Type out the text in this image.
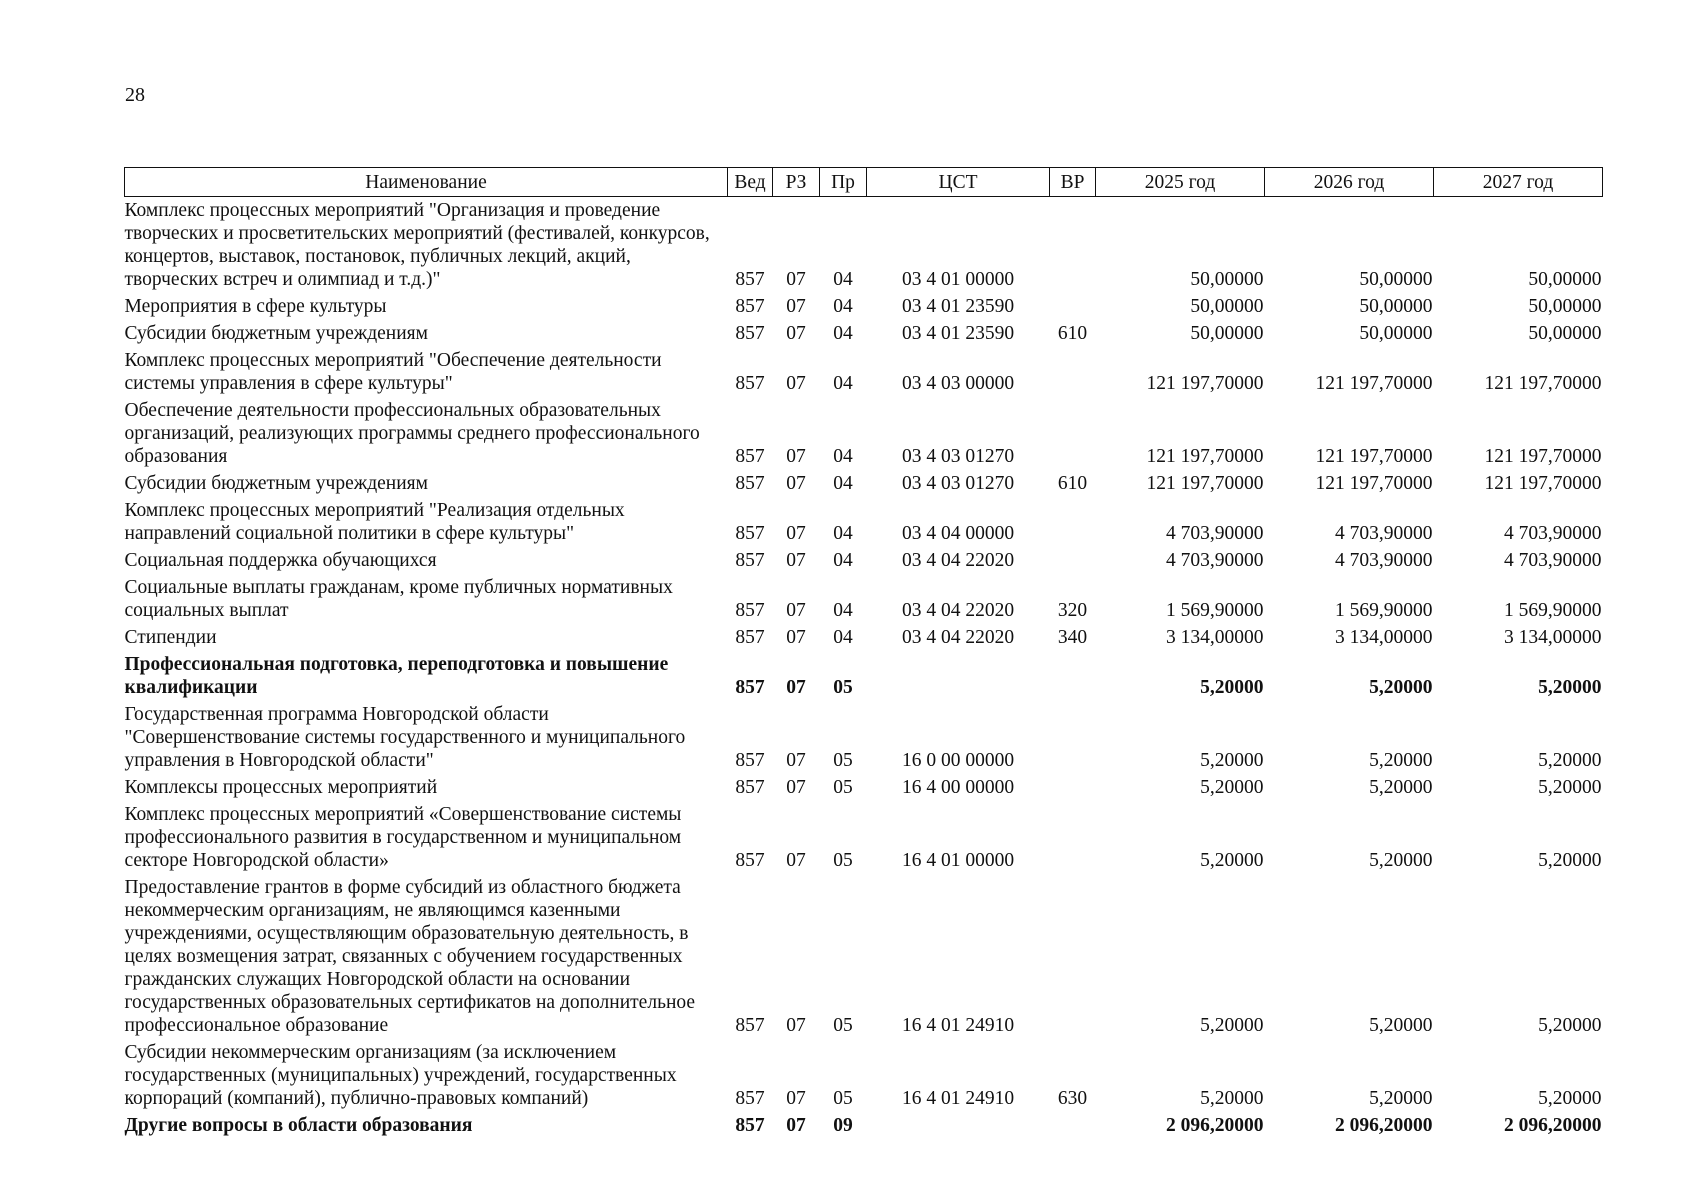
28
Наименование	Вед	РЗ	Пр	ЦСТ	ВР	2025 год	2026 год	2027 год
Комплекс процессных мероприятий "Организация и проведение творческих и просветительских мероприятий (фестивалей, конкурсов, концертов, выставок, постановок, публичных лекций, акций, творческих встреч и олимпиад и т.д.)"	857	07	04	03 4 01 00000		50,00000	50,00000	50,00000
Мероприятия в сфере культуры	857	07	04	03 4 01 23590		50,00000	50,00000	50,00000
Субсидии бюджетным учреждениям	857	07	04	03 4 01 23590	610	50,00000	50,00000	50,00000
Комплекс процессных мероприятий "Обеспечение деятельности системы управления в сфере культуры"	857	07	04	03 4 03 00000		121 197,70000	121 197,70000	121 197,70000
Обеспечение деятельности профессиональных образовательных организаций, реализующих программы среднего профессионального образования	857	07	04	03 4 03 01270		121 197,70000	121 197,70000	121 197,70000
Субсидии бюджетным учреждениям	857	07	04	03 4 03 01270	610	121 197,70000	121 197,70000	121 197,70000
Комплекс процессных мероприятий "Реализация отдельных направлений социальной политики в сфере культуры"	857	07	04	03 4 04 00000		4 703,90000	4 703,90000	4 703,90000
Социальная поддержка обучающихся	857	07	04	03 4 04 22020		4 703,90000	4 703,90000	4 703,90000
Социальные выплаты гражданам, кроме публичных нормативных социальных выплат	857	07	04	03 4 04 22020	320	1 569,90000	1 569,90000	1 569,90000
Стипендии	857	07	04	03 4 04 22020	340	3 134,00000	3 134,00000	3 134,00000
Профессиональная подготовка, переподготовка и повышение квалификации	857	07	05			5,20000	5,20000	5,20000
Государственная программа Новгородской области "Совершенствование системы государственного и муниципального управления в Новгородской области"	857	07	05	16 0 00 00000		5,20000	5,20000	5,20000
Комплексы процессных мероприятий	857	07	05	16 4 00 00000		5,20000	5,20000	5,20000
Комплекс процессных мероприятий «Совершенствование системы профессионального развития в государственном и муниципальном секторе Новгородской области»	857	07	05	16 4 01 00000		5,20000	5,20000	5,20000
Предоставление грантов в форме субсидий из областного бюджета некоммерческим организациям, не являющимся казенными учреждениями, осуществляющим образовательную деятельность, в целях возмещения затрат, связанных с обучением государственных гражданских служащих Новгородской области на основании государственных образовательных сертификатов на дополнительное профессиональное образование	857	07	05	16 4 01 24910		5,20000	5,20000	5,20000
Субсидии некоммерческим организациям (за исключением государственных (муниципальных) учреждений, государственных корпораций (компаний), публично-правовых компаний)	857	07	05	16 4 01 24910	630	5,20000	5,20000	5,20000
Другие вопросы в области образования	857	07	09			2 096,20000	2 096,20000	2 096,20000
